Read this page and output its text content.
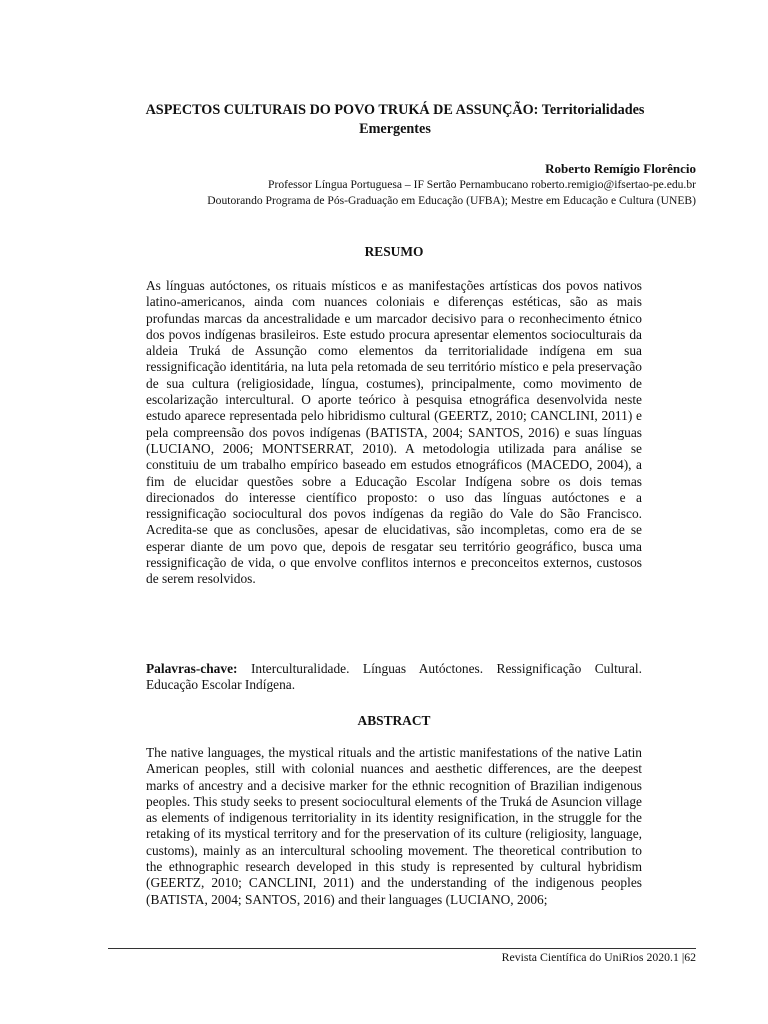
ASPECTOS CULTURAIS DO POVO TRUKÁ DE ASSUNÇÃO: Territorialidades Emergentes
Roberto Remígio Florêncio
Professor Língua Portuguesa – IF Sertão Pernambucano roberto.remigio@ifsertao-pe.edu.br
Doutorando Programa de Pós-Graduação em Educação (UFBA); Mestre em Educação e Cultura (UNEB)
RESUMO

As línguas autóctones, os rituais místicos e as manifestações artísticas dos povos nativos latino-americanos, ainda com nuances coloniais e diferenças estéticas, são as mais profundas marcas da ancestralidade e um marcador decisivo para o reconhecimento étnico dos povos indígenas brasileiros. Este estudo procura apresentar elementos socioculturais da aldeia Truká de Assunção como elementos da territorialidade indígena em sua ressignificação identitária, na luta pela retomada de seu território místico e pela preservação de sua cultura (religiosidade, língua, costumes), principalmente, como movimento de escolarização intercultural. O aporte teórico à pesquisa etnográfica desenvolvida neste estudo aparece representada pelo hibridismo cultural (GEERTZ, 2010; CANCLINI, 2011) e pela compreensão dos povos indígenas (BATISTA, 2004; SANTOS, 2016) e suas línguas (LUCIANO, 2006; MONTSERRAT, 2010). A metodologia utilizada para análise se constituiu de um trabalho empírico baseado em estudos etnográficos (MACEDO, 2004), a fim de elucidar questões sobre a Educação Escolar Indígena sobre os dois temas direcionados do interesse científico proposto: o uso das línguas autóctones e a ressignificação sociocultural dos povos indígenas da região do Vale do São Francisco. Acredita-se que as conclusões, apesar de elucidativas, são incompletas, como era de se esperar diante de um povo que, depois de resgatar seu território geográfico, busca uma ressignificação de vida, o que envolve conflitos internos e preconceitos externos, custosos de serem resolvidos.

Palavras-chave: Interculturalidade. Línguas Autóctones. Ressignificação Cultural. Educação Escolar Indígena.

ABSTRACT

The native languages, the mystical rituals and the artistic manifestations of the native Latin American peoples, still with colonial nuances and aesthetic differences, are the deepest marks of ancestry and a decisive marker for the ethnic recognition of Brazilian indigenous peoples. This study seeks to present sociocultural elements of the Truká de Asuncion village as elements of indigenous territoriality in its identity resignification, in the struggle for the retaking of its mystical territory and for the preservation of its culture (religiosity, language, customs), mainly as an intercultural schooling movement. The theoretical contribution to the ethnographic research developed in this study is represented by cultural hybridism (GEERTZ, 2010; CANCLINI, 2011) and the understanding of the indigenous peoples (BATISTA, 2004; SANTOS, 2016) and their languages (LUCIANO, 2006;

Revista Científica do UniRios 2020.1 |62
